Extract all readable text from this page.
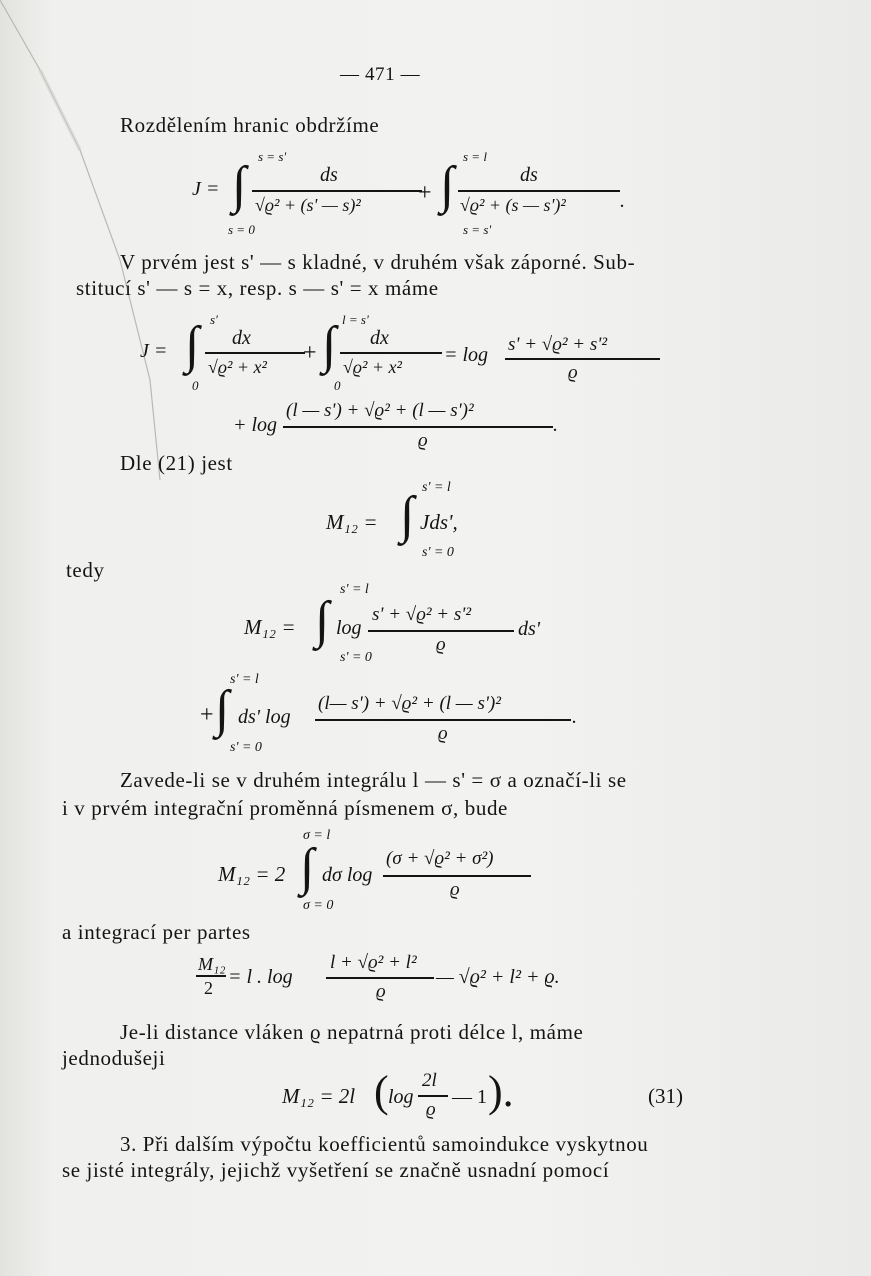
— 471 —
Rozdělením hranic obdržíme
s = s'
J = ∫	ds
√ϱ² + (s' — s)²
s = 0
+
s = l
∫	ds
√ϱ² + (s — s')²
s = s'
.
V prvém jest s' — s kladné, v druhém však záporné. Sub-
stitucí s' — s = x, resp. s — s' = x máme
s'
J = ∫ dx
√ϱ² + x²
0
+
l = s'
∫ dx
√ϱ² + x²
0
= log s' + √ϱ² + s'²
ϱ
+ log
(l — s') + √ϱ² + (l — s')²
ϱ
.
Dle (21) jest
s' = l
M₁₂ = ∫ Jds',
s' = 0
tedy
s' = l
M₁₂ = ∫ log
s' + √ϱ² + s'²
ϱ
ds'
s' = 0
s' = l
+ ∫ ds' log
(l— s') + √ϱ² + (l — s')²
ϱ
.
s' = 0
Zavede-li se v druhém integrálu l — s' = σ a označí-li se
i v prvém integrační proměnná písmenem σ, bude
σ = l
M₁₂ = 2 ∫ dσ log
(σ + √ϱ² + σ²)
ϱ
σ = 0
a integrací per partes
M₁₂
2 = l . log
l + √ϱ² + l²
ϱ
— √ϱ² + l² + ϱ.
Je-li distance vláken ϱ nepatrná proti délce l, máme
jednodušeji
M₁₂ = 2l ( log
2l
ϱ
— 1 ).	(31)
3. Při dalším výpočtu koefficientů samoindukce vyskytnou
se jisté integrály, jejichž vyšetření se značně usnadní pomocí
